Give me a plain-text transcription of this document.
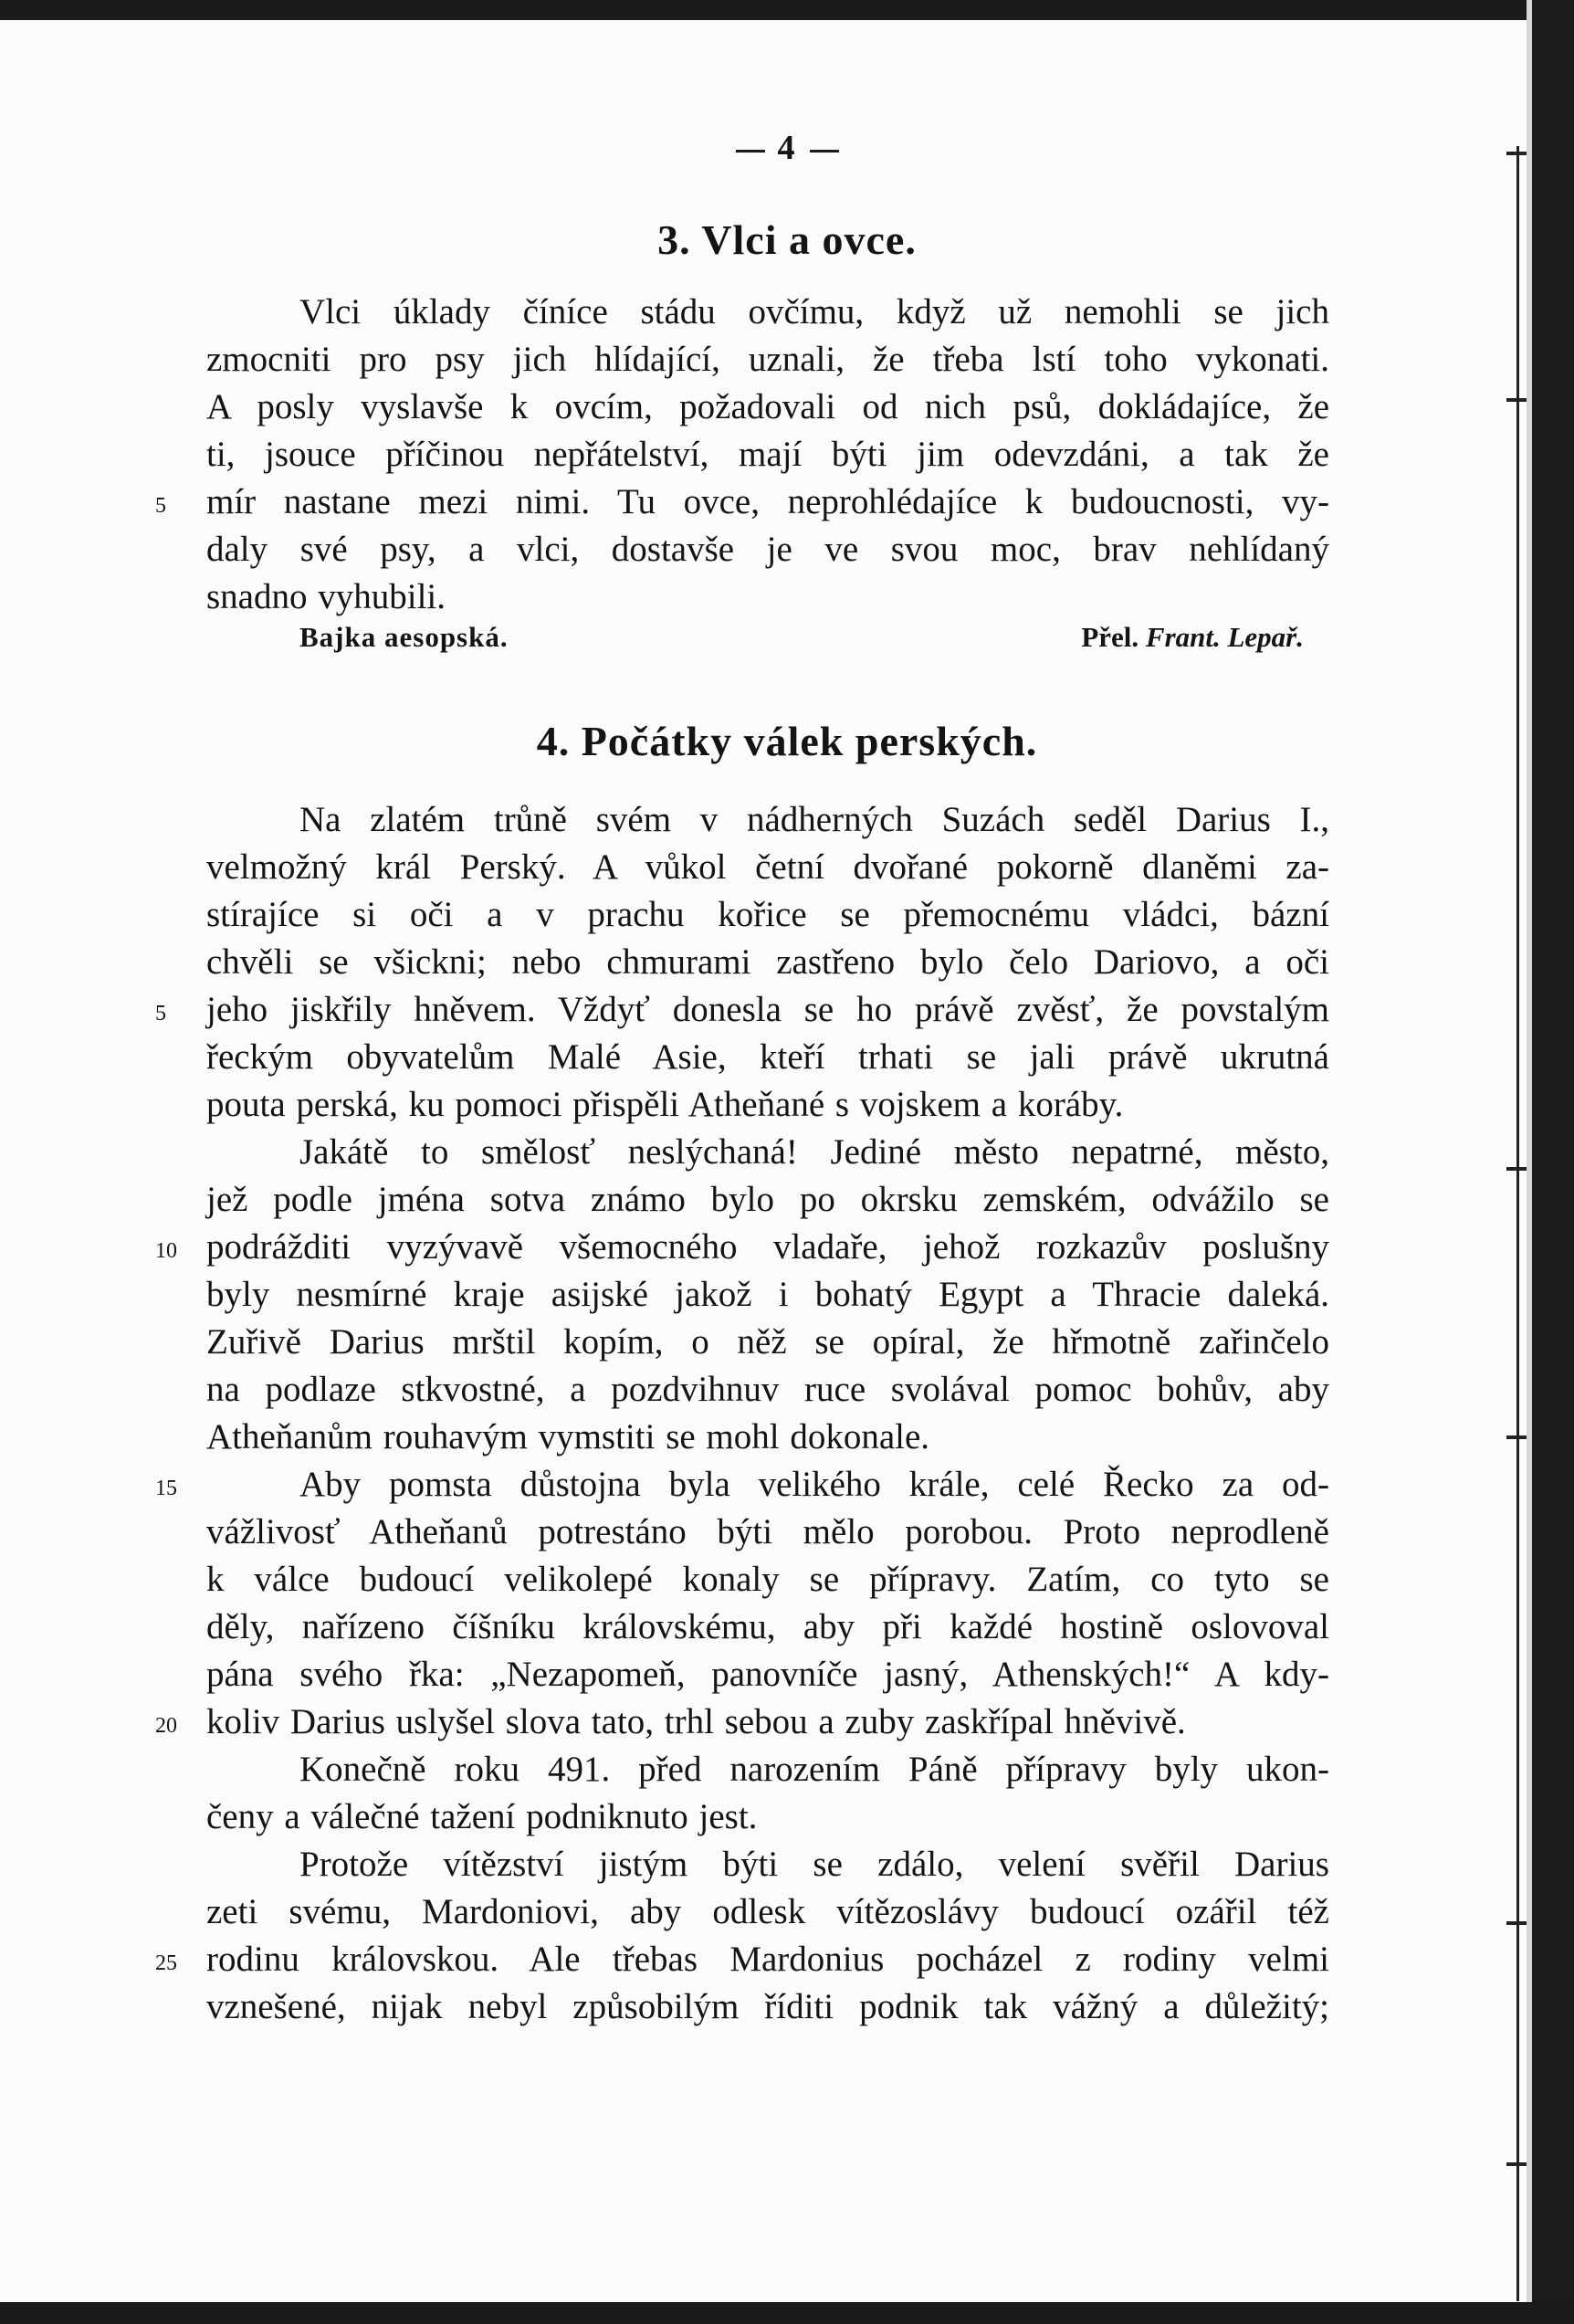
4
3. Vlci a ovce.
Vlci úklady číníce stádu ovčímu, když už nemohli se jich
zmocniti pro psy jich hlídající, uznali, že třeba lstí toho vykonati.
A posly vyslavše k ovcím, požadovali od nich psů, dokládajíce, že
ti, jsouce příčinou nepřátelství, mají býti jim odevzdáni, a tak že
mír nastane mezi nimi. Tu ovce, neprohlédajíce k budoucnosti, vy-
daly své psy, a vlci, dostavše je ve svou moc, brav nehlídaný
snadno vyhubili.
5
Bajka aesopská.	Přel. Frant. Lepař.
4. Počátky válek perských.
Na zlatém trůně svém v nádherných Suzách seděl Darius I.,
velmožný král Perský. A vůkol četní dvořané pokorně dlaněmi za-
stírajíce si oči a v prachu kořice se přemocnému vládci, bázní
chvěli se všickni; nebo chmurami zastřeno bylo čelo Dariovo, a oči
jeho jiskřily hněvem. Vždyť donesla se ho právě zvěsť, že povstalým
řeckým obyvatelům Malé Asie, kteří trhati se jali právě ukrutná
pouta perská, ku pomoci přispěli Atheňané s vojskem a koráby.
Jakátě to smělosť neslýchaná! Jediné město nepatrné, město,
jež podle jména sotva známo bylo po okrsku zemském, odvážilo se
podrážditi vyzývavě všemocného vladaře, jehož rozkazův poslušny
byly nesmírné kraje asijské jakož i bohatý Egypt a Thracie daleká.
Zuřivě Darius mrštil kopím, o něž se opíral, že hřmotně zařinčelo
na podlaze stkvostné, a pozdvihnuv ruce svolával pomoc bohův, aby
Atheňanům rouhavým vymstiti se mohl dokonale.
Aby pomsta důstojna byla velikého krále, celé Řecko za od-
vážlivosť Atheňanů potrestáno býti mělo porobou. Proto neprodleně
k válce budoucí velikolepé konaly se přípravy. Zatím, co tyto se
děly, nařízeno číšníku královskému, aby při každé hostině oslovoval
pána svého řka: „Nezapomeň, panovníče jasný, Athenských!“ A kdy-
koliv Darius uslyšel slova tato, trhl sebou a zuby zaskřípal hněvivě.
Konečně roku 491. před narozením Páně přípravy byly ukon-
čeny a válečné tažení podniknuto jest.
Protože vítězství jistým býti se zdálo, velení svěřil Darius
zeti svému, Mardoniovi, aby odlesk vítězoslávy budoucí ozářil též
rodinu královskou. Ale třebas Mardonius pocházel z rodiny velmi
vznešené, nijak nebyl způsobilým říditi podnik tak vážný a důležitý;
5
10
15
20
25
